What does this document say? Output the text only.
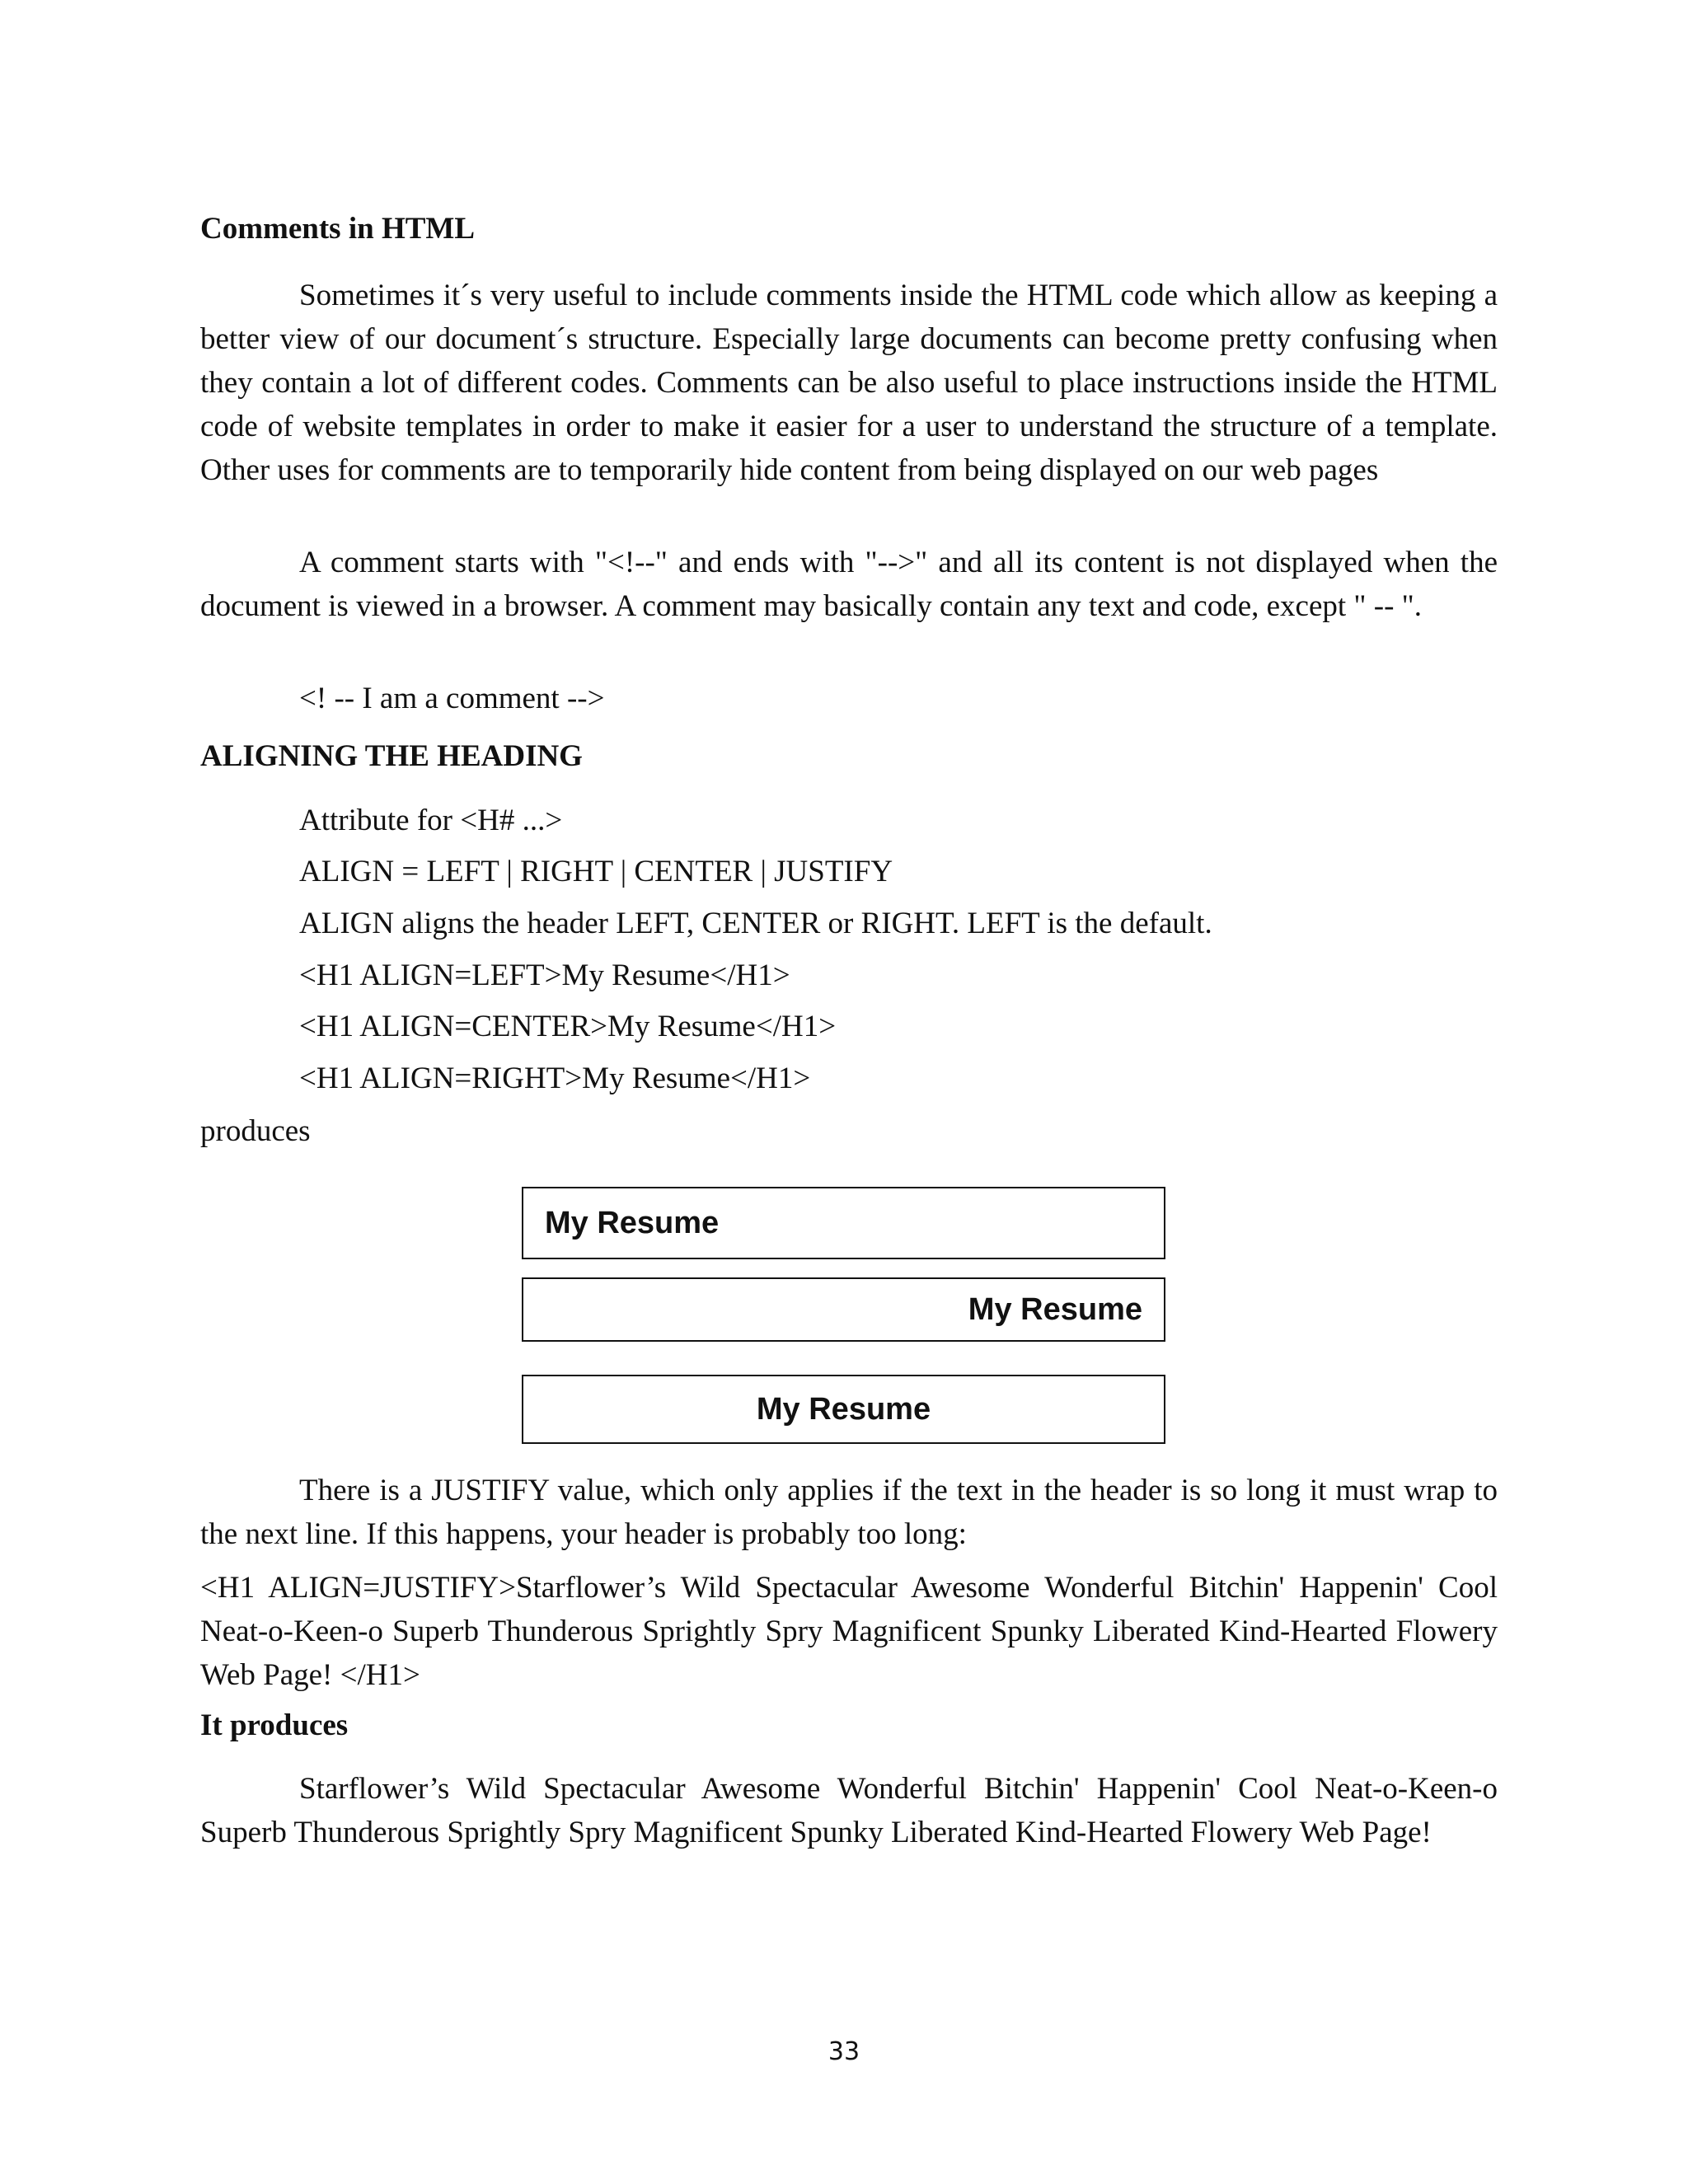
Comments in HTML

Sometimes it´s very useful to include comments inside the HTML code which allow as keeping a better view of our document´s structure. Especially large documents can become pretty confusing when they contain a lot of different codes. Comments can be also useful to place instructions inside the HTML code of website templates in order to make it easier for a user to understand the structure of a template. Other uses for comments are to temporarily hide content from being displayed on our web pages

A comment starts with "<!--" and ends with "-->" and all its content is not displayed when the document is viewed in a browser. A comment may basically contain any text and code, except " -- ".

<! -- I am a comment -->

ALIGNING THE HEADING

Attribute for <H# ...>

ALIGN = LEFT | RIGHT | CENTER | JUSTIFY

ALIGN aligns the header LEFT, CENTER or RIGHT. LEFT is the default.

<H1 ALIGN=LEFT>My Resume</H1>

<H1 ALIGN=CENTER>My Resume</H1>

<H1 ALIGN=RIGHT>My Resume</H1>

produces

My Resume
My Resume
My Resume

There is a JUSTIFY value, which only applies if the text in the header is so long it must wrap to the next line. If this happens, your header is probably too long:

<H1 ALIGN=JUSTIFY>Starflower’s Wild Spectacular Awesome Wonderful Bitchin' Happenin' Cool Neat-o-Keen-o Superb Thunderous Sprightly Spry Magnificent Spunky Liberated Kind-Hearted Flowery Web Page! </H1>

It produces

Starflower’s Wild Spectacular Awesome Wonderful Bitchin' Happenin' Cool Neat-o-Keen-o Superb Thunderous Sprightly Spry Magnificent Spunky Liberated Kind-Hearted Flowery Web Page!

33
